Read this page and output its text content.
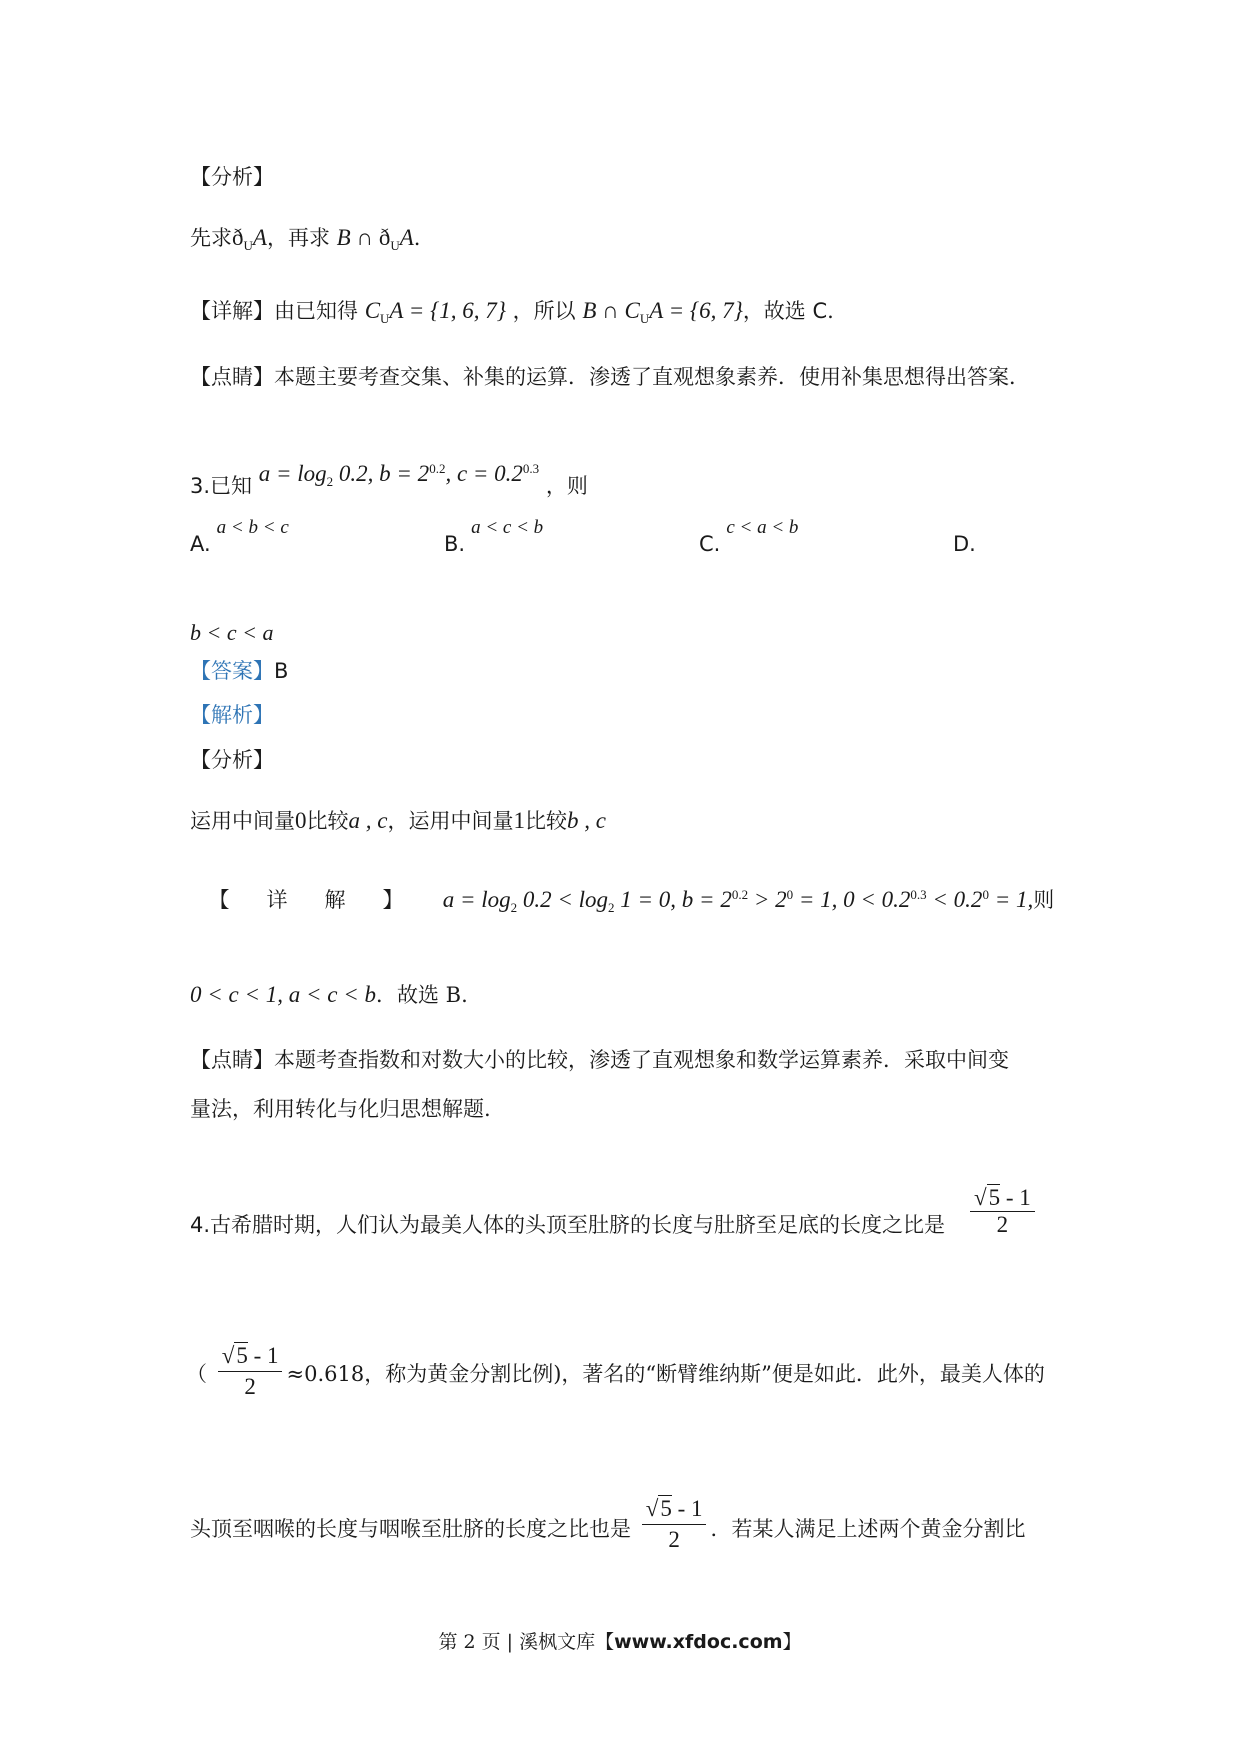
【分析】
先求$ð_UA$，再求 B ∩ $ð_UA$.
【详解】由已知得 $C_UA = \{1$, 6, 7} ，所以 B ∩ $C_UA = \{6$, 7}，故选 C.
【点睛】本题主要考查交集、补集的运算．渗透了直观想象素养．使用补集思想得出答案．
3.已知 $a = \log_2 0.2$, $b = 2^{0.2}$, $c = 0.2^{0.3}$ ，则
A.a < b < c
B.a < c < b
C.c < a < b
D.
b < c < a
【答案】B
【解析】
【分析】
运用中间量0比较a , c，运用中间量1比较b , c
【 详 解 】 $a = \log_2 0.2 < \log_2 1 = 0$, $b = 2^{0.2} > 2^0 = 1$, $0 < 0.2^{0.3} < 0.2^0 = 1$,则
0 < c < 1, a < c < b．故选 B.
【点睛】本题考查指数和对数大小的比较，渗透了直观想象和数学运算素养．采取中间变
量法，利用转化与化归思想解题.
4.古希腊时期，人们认为最美人体的头顶至肚脐的长度与肚脐至足底的长度之比是 $\frac{√5 - 1}{2}$
（ $\frac{√5 - 1}{2} \approx 0.618$，称为黄金分割比例)，著名的“断臂维纳斯”便是如此．此外，最美人体的
头顶至咽喉的长度与咽喉至肚脐的长度之比也是 $\frac{√5 - 1}{2}$ ．若某人满足上述两个黄金分割比
第 2 页 | 溪枫文库【www.xfdoc.com】
